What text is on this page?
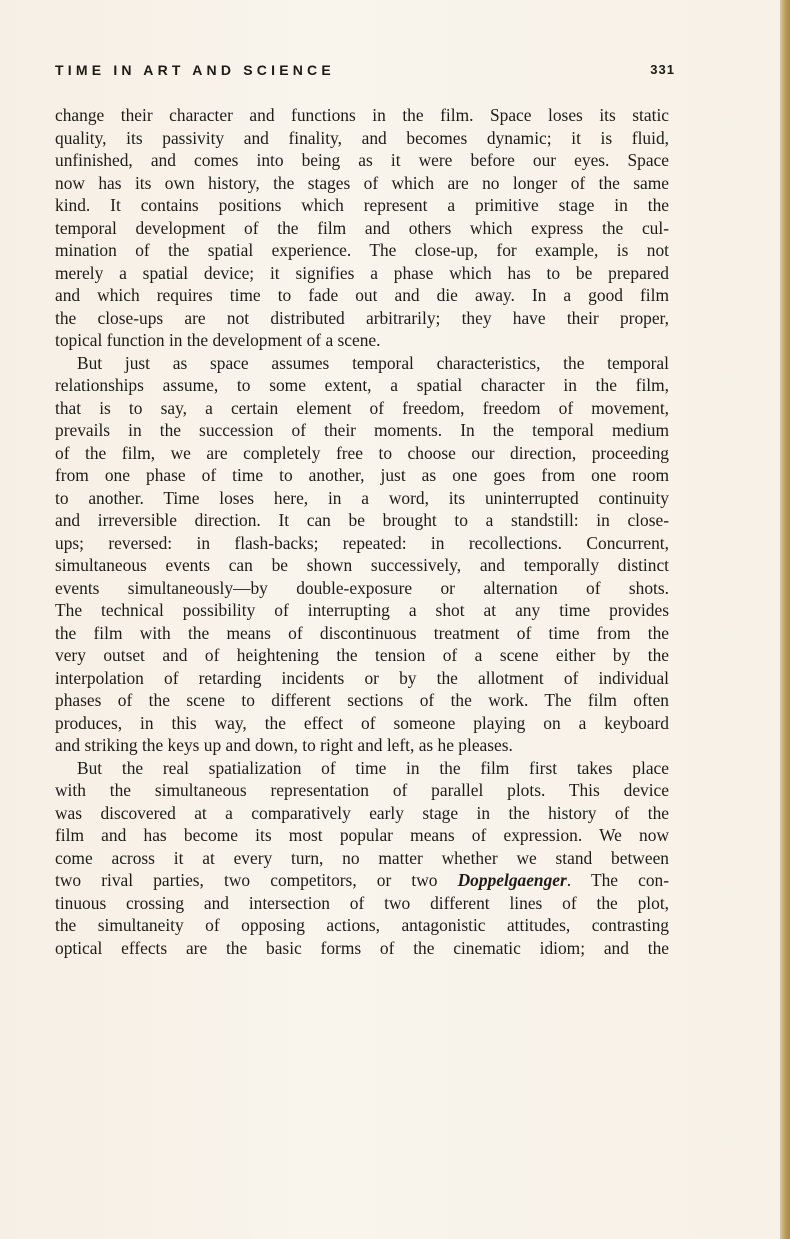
TIME IN ART AND SCIENCE	331
change their character and functions in the film. Space loses its static
quality, its passivity and finality, and becomes dynamic; it is fluid,
unfinished, and comes into being as it were before our eyes. Space
now has its own history, the stages of which are no longer of the same
kind. It contains positions which represent a primitive stage in the
temporal development of the film and others which express the cul-
mination of the spatial experience. The close-up, for example, is not
merely a spatial device; it signifies a phase which has to be prepared
and which requires time to fade out and die away. In a good film
the close-ups are not distributed arbitrarily; they have their proper,
topical function in the development of a scene.
But just as space assumes temporal characteristics, the temporal
relationships assume, to some extent, a spatial character in the film,
that is to say, a certain element of freedom, freedom of movement,
prevails in the succession of their moments. In the temporal medium
of the film, we are completely free to choose our direction, proceeding
from one phase of time to another, just as one goes from one room
to another. Time loses here, in a word, its uninterrupted continuity
and irreversible direction. It can be brought to a standstill: in close-
ups; reversed: in flash-backs; repeated: in recollections. Concurrent,
simultaneous events can be shown successively, and temporally distinct
events simultaneously—by double-exposure or alternation of shots.
The technical possibility of interrupting a shot at any time provides
the film with the means of discontinuous treatment of time from the
very outset and of heightening the tension of a scene either by the
interpolation of retarding incidents or by the allotment of individual
phases of the scene to different sections of the work. The film often
produces, in this way, the effect of someone playing on a keyboard
and striking the keys up and down, to right and left, as he pleases.
But the real spatialization of time in the film first takes place
with the simultaneous representation of parallel plots. This device
was discovered at a comparatively early stage in the history of the
film and has become its most popular means of expression. We now
come across it at every turn, no matter whether we stand between
two rival parties, two competitors, or two Doppelgaenger. The con-
tinuous crossing and intersection of two different lines of the plot,
the simultaneity of opposing actions, antagonistic attitudes, contrasting
optical effects are the basic forms of the cinematic idiom; and the
